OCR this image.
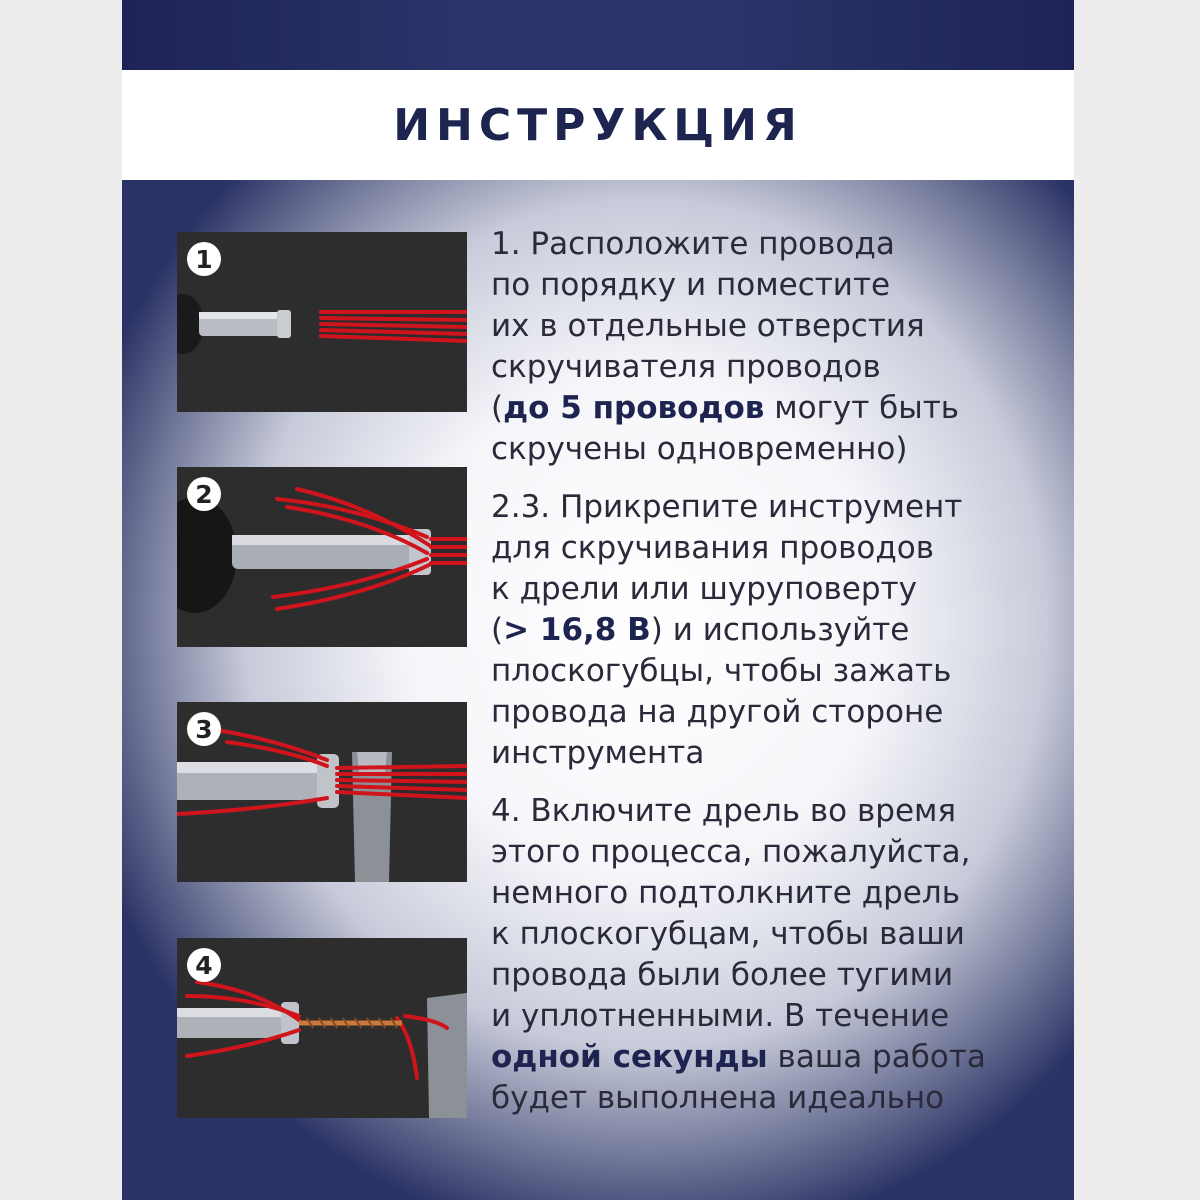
ИНСТРУКЦИЯ
1
2
3
4
1. Расположите провода
по порядку и поместите
их в отдельные отверстия
скручивателя проводов
(до 5 проводов могут быть
скручены одновременно)
2.3. Прикрепите инструмент
для скручивания проводов
к дрели или шуруповерту
(> 16,8 В) и используйте
плоскогубцы, чтобы зажать
провода на другой стороне
инструмента
4. Включите дрель во время
этого процесса, пожалуйста,
немного подтолкните дрель
к плоскогубцам, чтобы ваши
провода были более тугими
и уплотненными. В течение
одной секунды ваша работа
будет выполнена идеально
